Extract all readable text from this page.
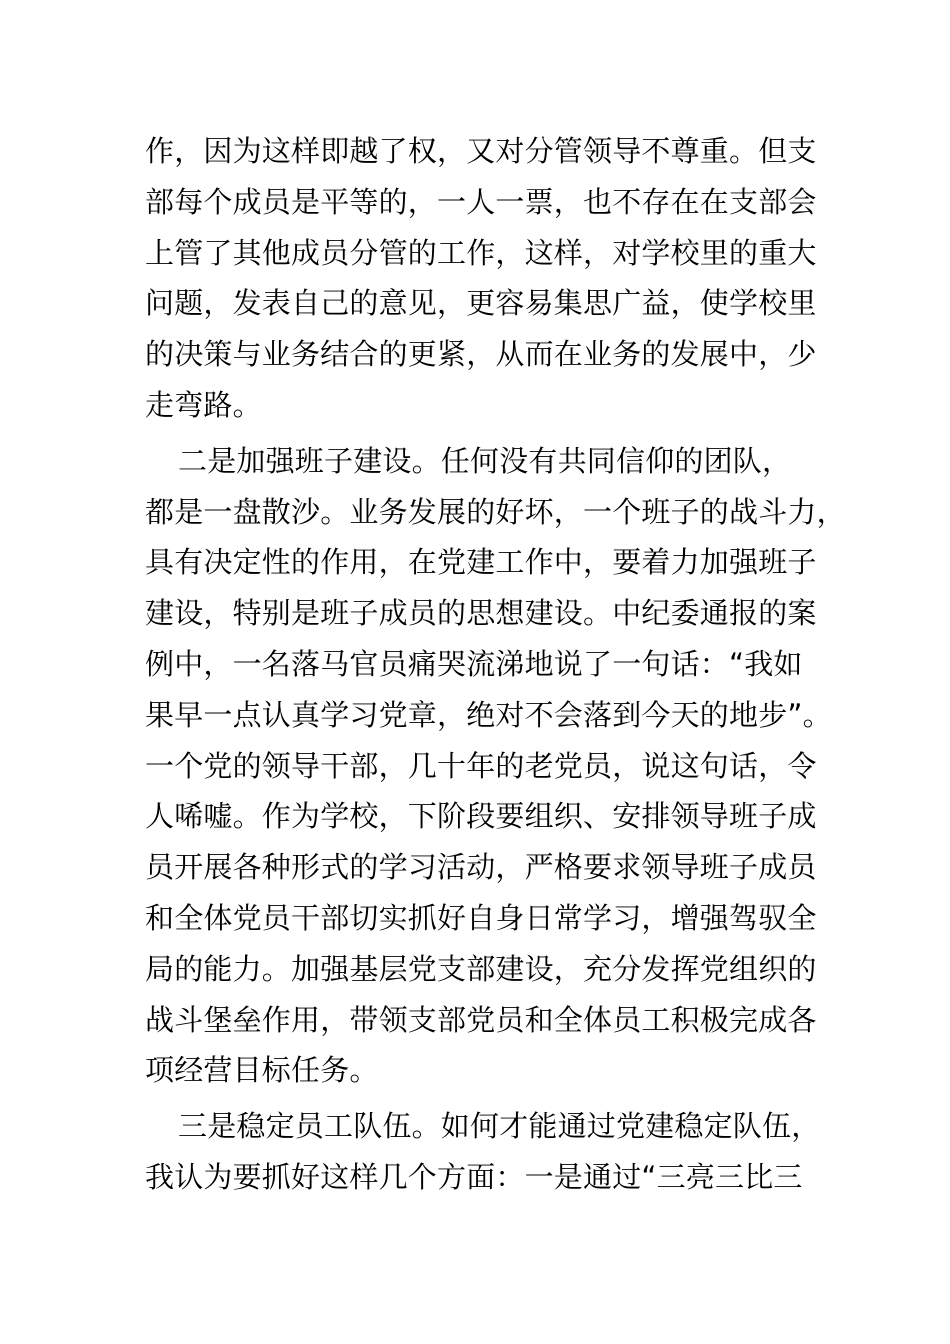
作，因为这样即越了权，又对分管领导不尊重。但支
部每个成员是平等的，一人一票，也不存在在支部会
上管了其他成员分管的工作，这样，对学校里的重大
问题，发表自己的意见，更容易集思广益，使学校里
的决策与业务结合的更紧，从而在业务的发展中，少
走弯路。
二是加强班子建设。任何没有共同信仰的团队，
都是一盘散沙。业务发展的好坏，一个班子的战斗力，
具有决定性的作用，在党建工作中，要着力加强班子
建设，特别是班子成员的思想建设。中纪委通报的案
例中，一名落马官员痛哭流涕地说了一句话：“我如
果早一点认真学习党章，绝对不会落到今天的地步”。
一个党的领导干部，几十年的老党员，说这句话，令
人唏嘘。作为学校，下阶段要组织、安排领导班子成
员开展各种形式的学习活动，严格要求领导班子成员
和全体党员干部切实抓好自身日常学习，增强驾驭全
局的能力。加强基层党支部建设，充分发挥党组织的
战斗堡垒作用，带领支部党员和全体员工积极完成各
项经营目标任务。
三是稳定员工队伍。如何才能通过党建稳定队伍，
我认为要抓好这样几个方面：一是通过“三亮三比三
